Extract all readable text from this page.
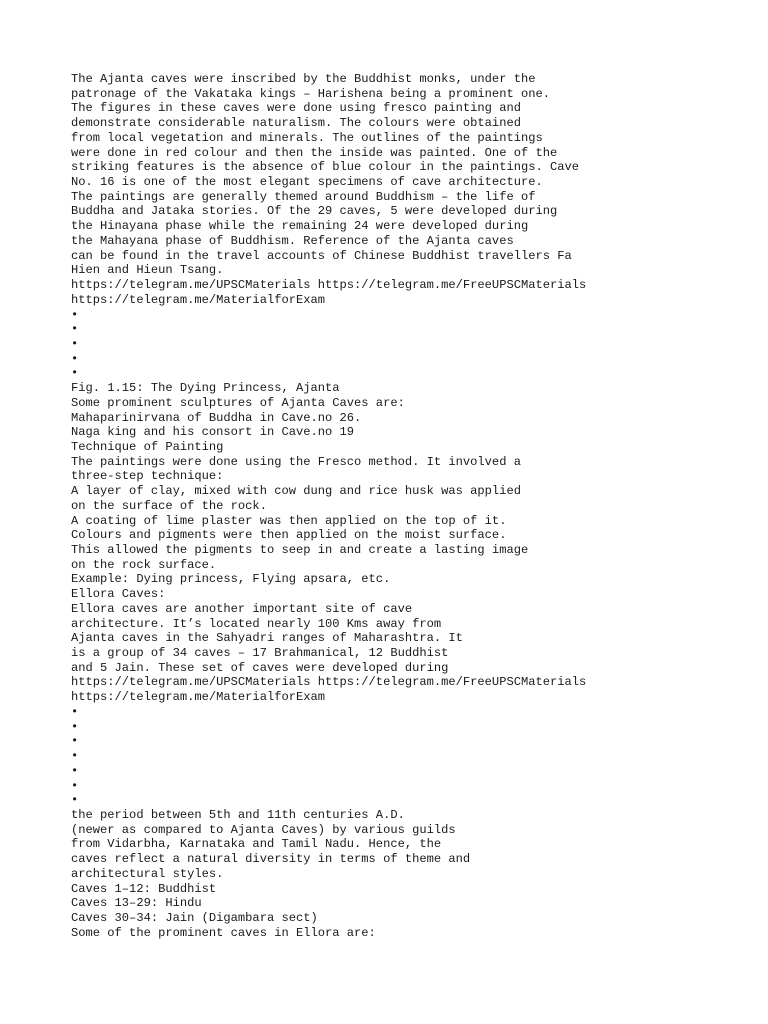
The Ajanta caves were inscribed by the Buddhist monks, under the
patronage of the Vakataka kings – Harishena being a prominent one.
The figures in these caves were done using fresco painting and
demonstrate considerable naturalism. The colours were obtained
from local vegetation and minerals. The outlines of the paintings
were done in red colour and then the inside was painted. One of the
striking features is the absence of blue colour in the paintings. Cave
No. 16 is one of the most elegant specimens of cave architecture.
The paintings are generally themed around Buddhism – the life of
Buddha and Jataka stories. Of the 29 caves, 5 were developed during
the Hinayana phase while the remaining 24 were developed during
the Mahayana phase of Buddhism. Reference of the Ajanta caves
can be found in the travel accounts of Chinese Buddhist travellers Fa
Hien and Hieun Tsang.
https://telegram.me/UPSCMaterials https://telegram.me/FreeUPSCMaterials
https://telegram.me/MaterialforExam
•
•
•
•
•
Fig. 1.15: The Dying Princess, Ajanta
Some prominent sculptures of Ajanta Caves are:
Mahaparinirvana of Buddha in Cave.no 26.
Naga king and his consort in Cave.no 19
Technique of Painting
The paintings were done using the Fresco method. It involved a
three-step technique:
A layer of clay, mixed with cow dung and rice husk was applied
on the surface of the rock.
A coating of lime plaster was then applied on the top of it.
Colours and pigments were then applied on the moist surface.
This allowed the pigments to seep in and create a lasting image
on the rock surface.
Example: Dying princess, Flying apsara, etc.
Ellora Caves:
Ellora caves are another important site of cave
architecture. It’s located nearly 100 Kms away from
Ajanta caves in the Sahyadri ranges of Maharashtra. It
is a group of 34 caves – 17 Brahmanical, 12 Buddhist
and 5 Jain. These set of caves were developed during
https://telegram.me/UPSCMaterials https://telegram.me/FreeUPSCMaterials
https://telegram.me/MaterialforExam
•
•
•
•
•
•
•
the period between 5th and 11th centuries A.D.
(newer as compared to Ajanta Caves) by various guilds
from Vidarbha, Karnataka and Tamil Nadu. Hence, the
caves reflect a natural diversity in terms of theme and
architectural styles.
Caves 1–12: Buddhist
Caves 13–29: Hindu
Caves 30–34: Jain (Digambara sect)
Some of the prominent caves in Ellora are:
